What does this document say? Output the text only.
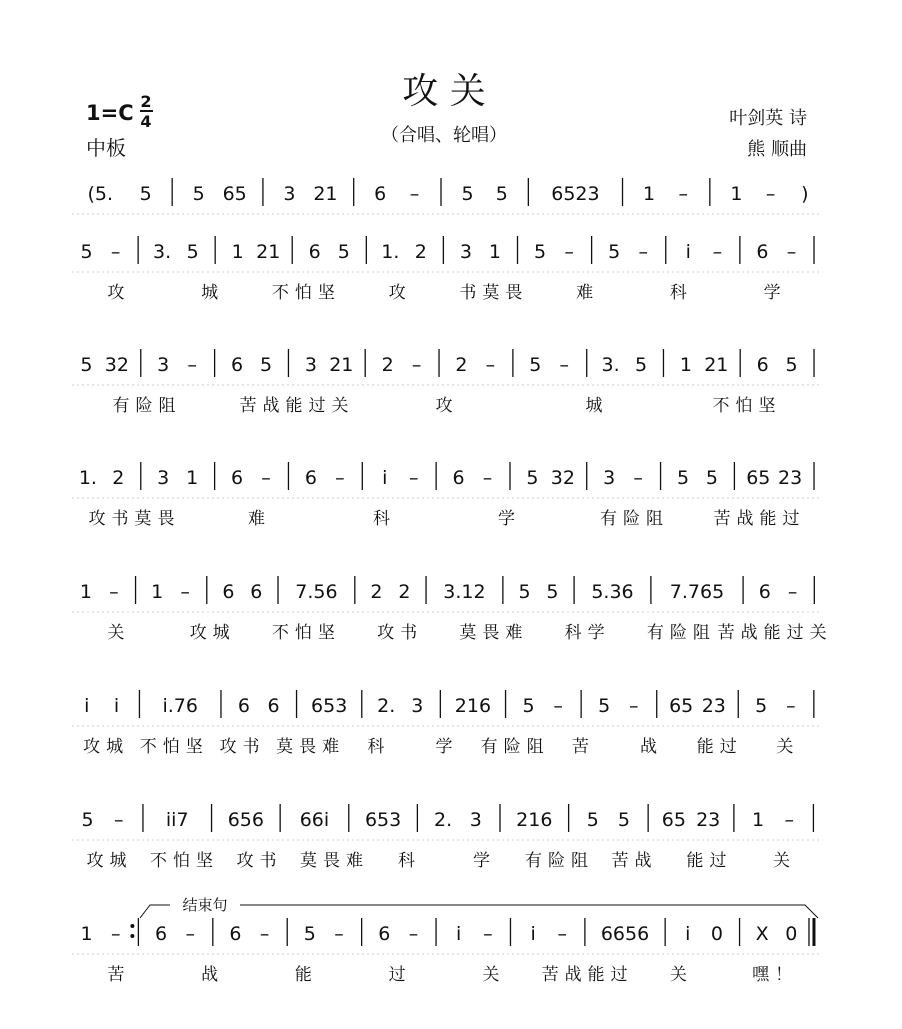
攻 关
（合唱、轮唱）
1=C 2
4
中板
叶剑英 诗
熊 顺曲
(5. 5 5 65 3 21 6 – 5 5 6523 1 – 1 – )
5 – 3. 5 1 21 6 5 1. 2 3 1 5 – 5 – i – 6 –
攻	城	不怕坚	攻	书莫畏	难	科	学
5 32 3 – 6 5 3 21 2 – 2 – 5 – 3. 5 1 21 6 5
有险阻	苦战能过关	攻	城	不怕坚
1. 2 3 1 6 – 6 – i – 6 – 5 32 3 – 5 5 65 23
攻书莫畏	难	科	学	有险阻	苦战能过
1 – 1 – 6 6 7.56 2 2 3.12 5 5 5.36 7.765 6 –
关	攻城 不怕坚 攻书 莫畏难 科学 有险阻 苦战能过关
i i i.76 6 6 653 2. 3 216 5 – 5 – 65 23 5 –
攻城 不怕坚 攻书 莫畏难 科	学 有险阻 苦	战 能过 关
5 – ii7 656 66i 653 2. 3 216 5 5 65 23 1 –
攻城 不怕坚 攻书 莫畏难 科	学 有险阻 苦战 能过 关
1 – 6 – 6 – 5 – 6 – i – i – 6656 i 0 X 0
结束句
苦	战	能	过	关 苦战能过 关	嘿！
